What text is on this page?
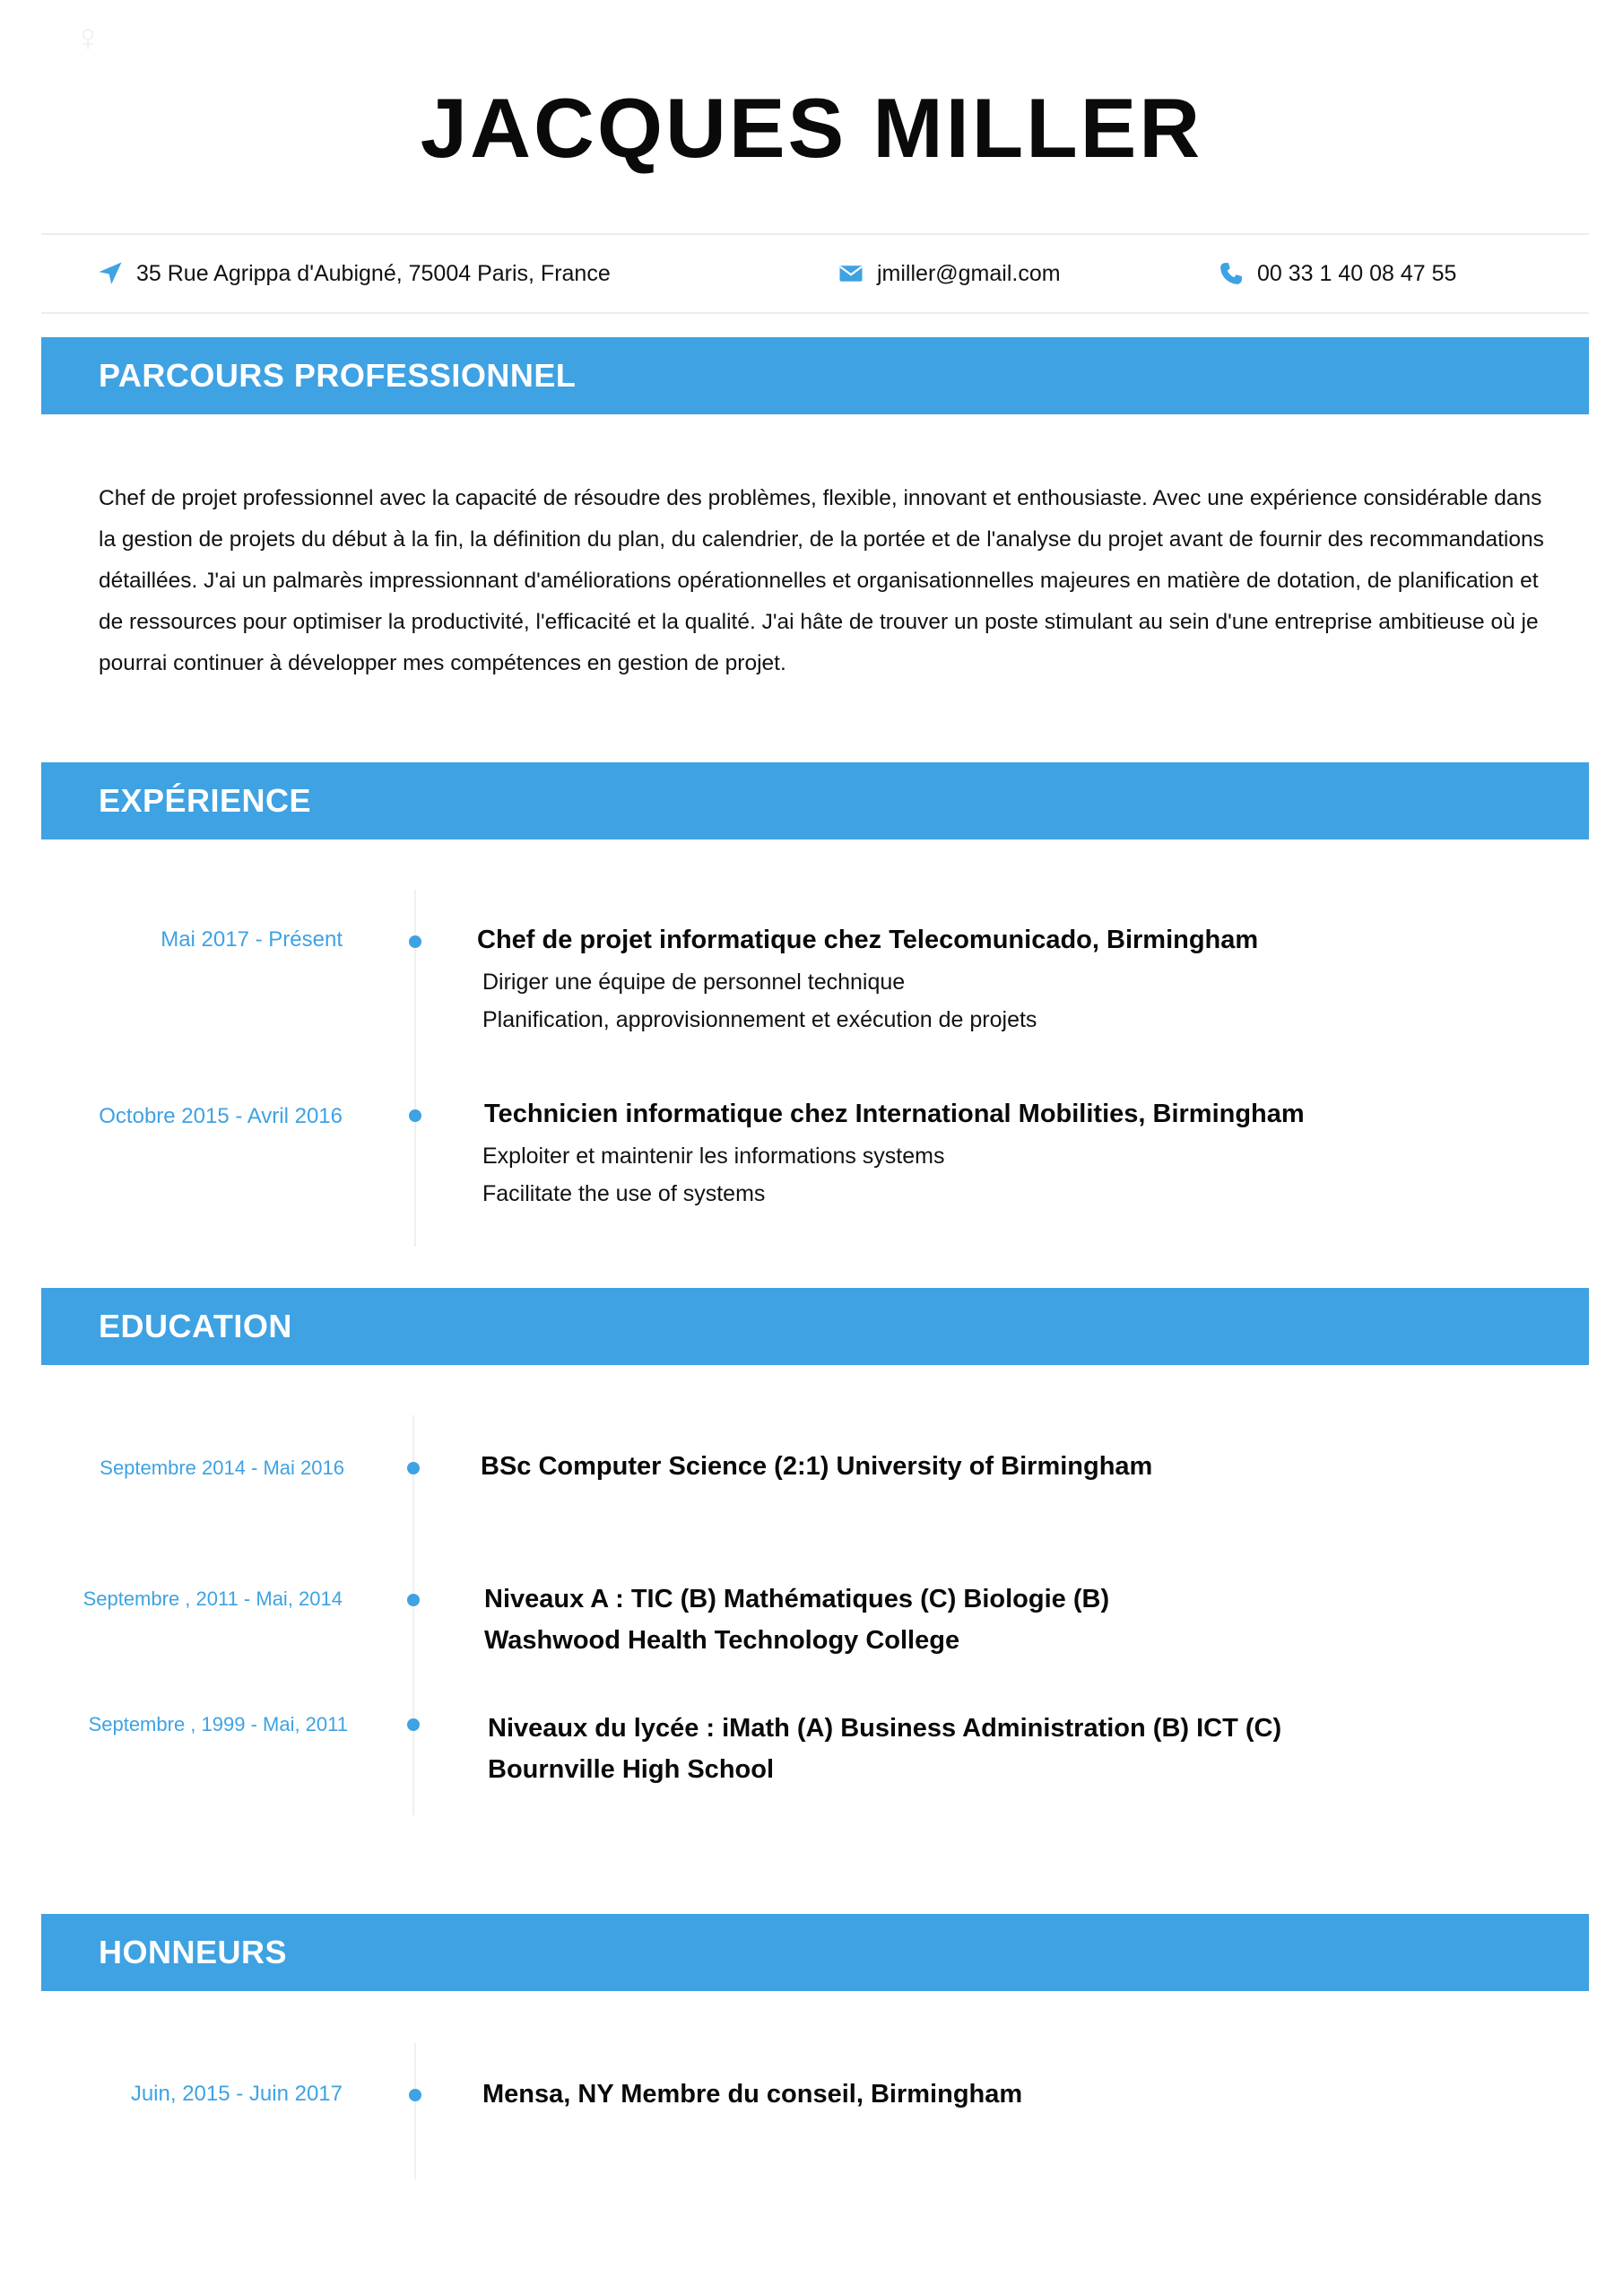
♀
JACQUES MILLER
35 Rue Agrippa d'Aubigné, 75004 Paris, France	jmiller@gmail.com	00 33 1 40 08 47 55
PARCOURS PROFESSIONNEL

Chef de projet professionnel avec la capacité de résoudre des problèmes, flexible, innovant et enthousiaste. Avec une expérience considérable dans la gestion de projets du début à la fin, la définition du plan, du calendrier, de la portée et de l'analyse du projet avant de fournir des recommandations détaillées. J'ai un palmarès impressionnant d'améliorations opérationnelles et organisationnelles majeures en matière de dotation, de planification et de ressources pour optimiser la productivité, l'efficacité et la qualité. J'ai hâte de trouver un poste stimulant au sein d'une entreprise ambitieuse où je pourrai continuer à développer mes compétences en gestion de projet.

EXPÉRIENCE
Mai 2017 - Présent	Chef de projet informatique chez Telecomunicado, Birmingham
Diriger une équipe de personnel technique
Planification, approvisionnement et exécution de projets
Octobre 2015 - Avril 2016	Technicien informatique chez International Mobilities, Birmingham
Exploiter et maintenir les informations systems
Facilitate the use of systems
EDUCATION
Septembre 2014 - Mai 2016	BSc Computer Science (2:1) University of Birmingham
Septembre , 2011 - Mai, 2014	Niveaux A : TIC (B) Mathématiques (C) Biologie (B)
Washwood Health Technology College
Septembre , 1999 - Mai, 2011	Niveaux du lycée : iMath (A) Business Administration (B) ICT (C)
Bournville High School
HONNEURS
Juin, 2015 - Juin 2017	Mensa, NY Membre du conseil, Birmingham
